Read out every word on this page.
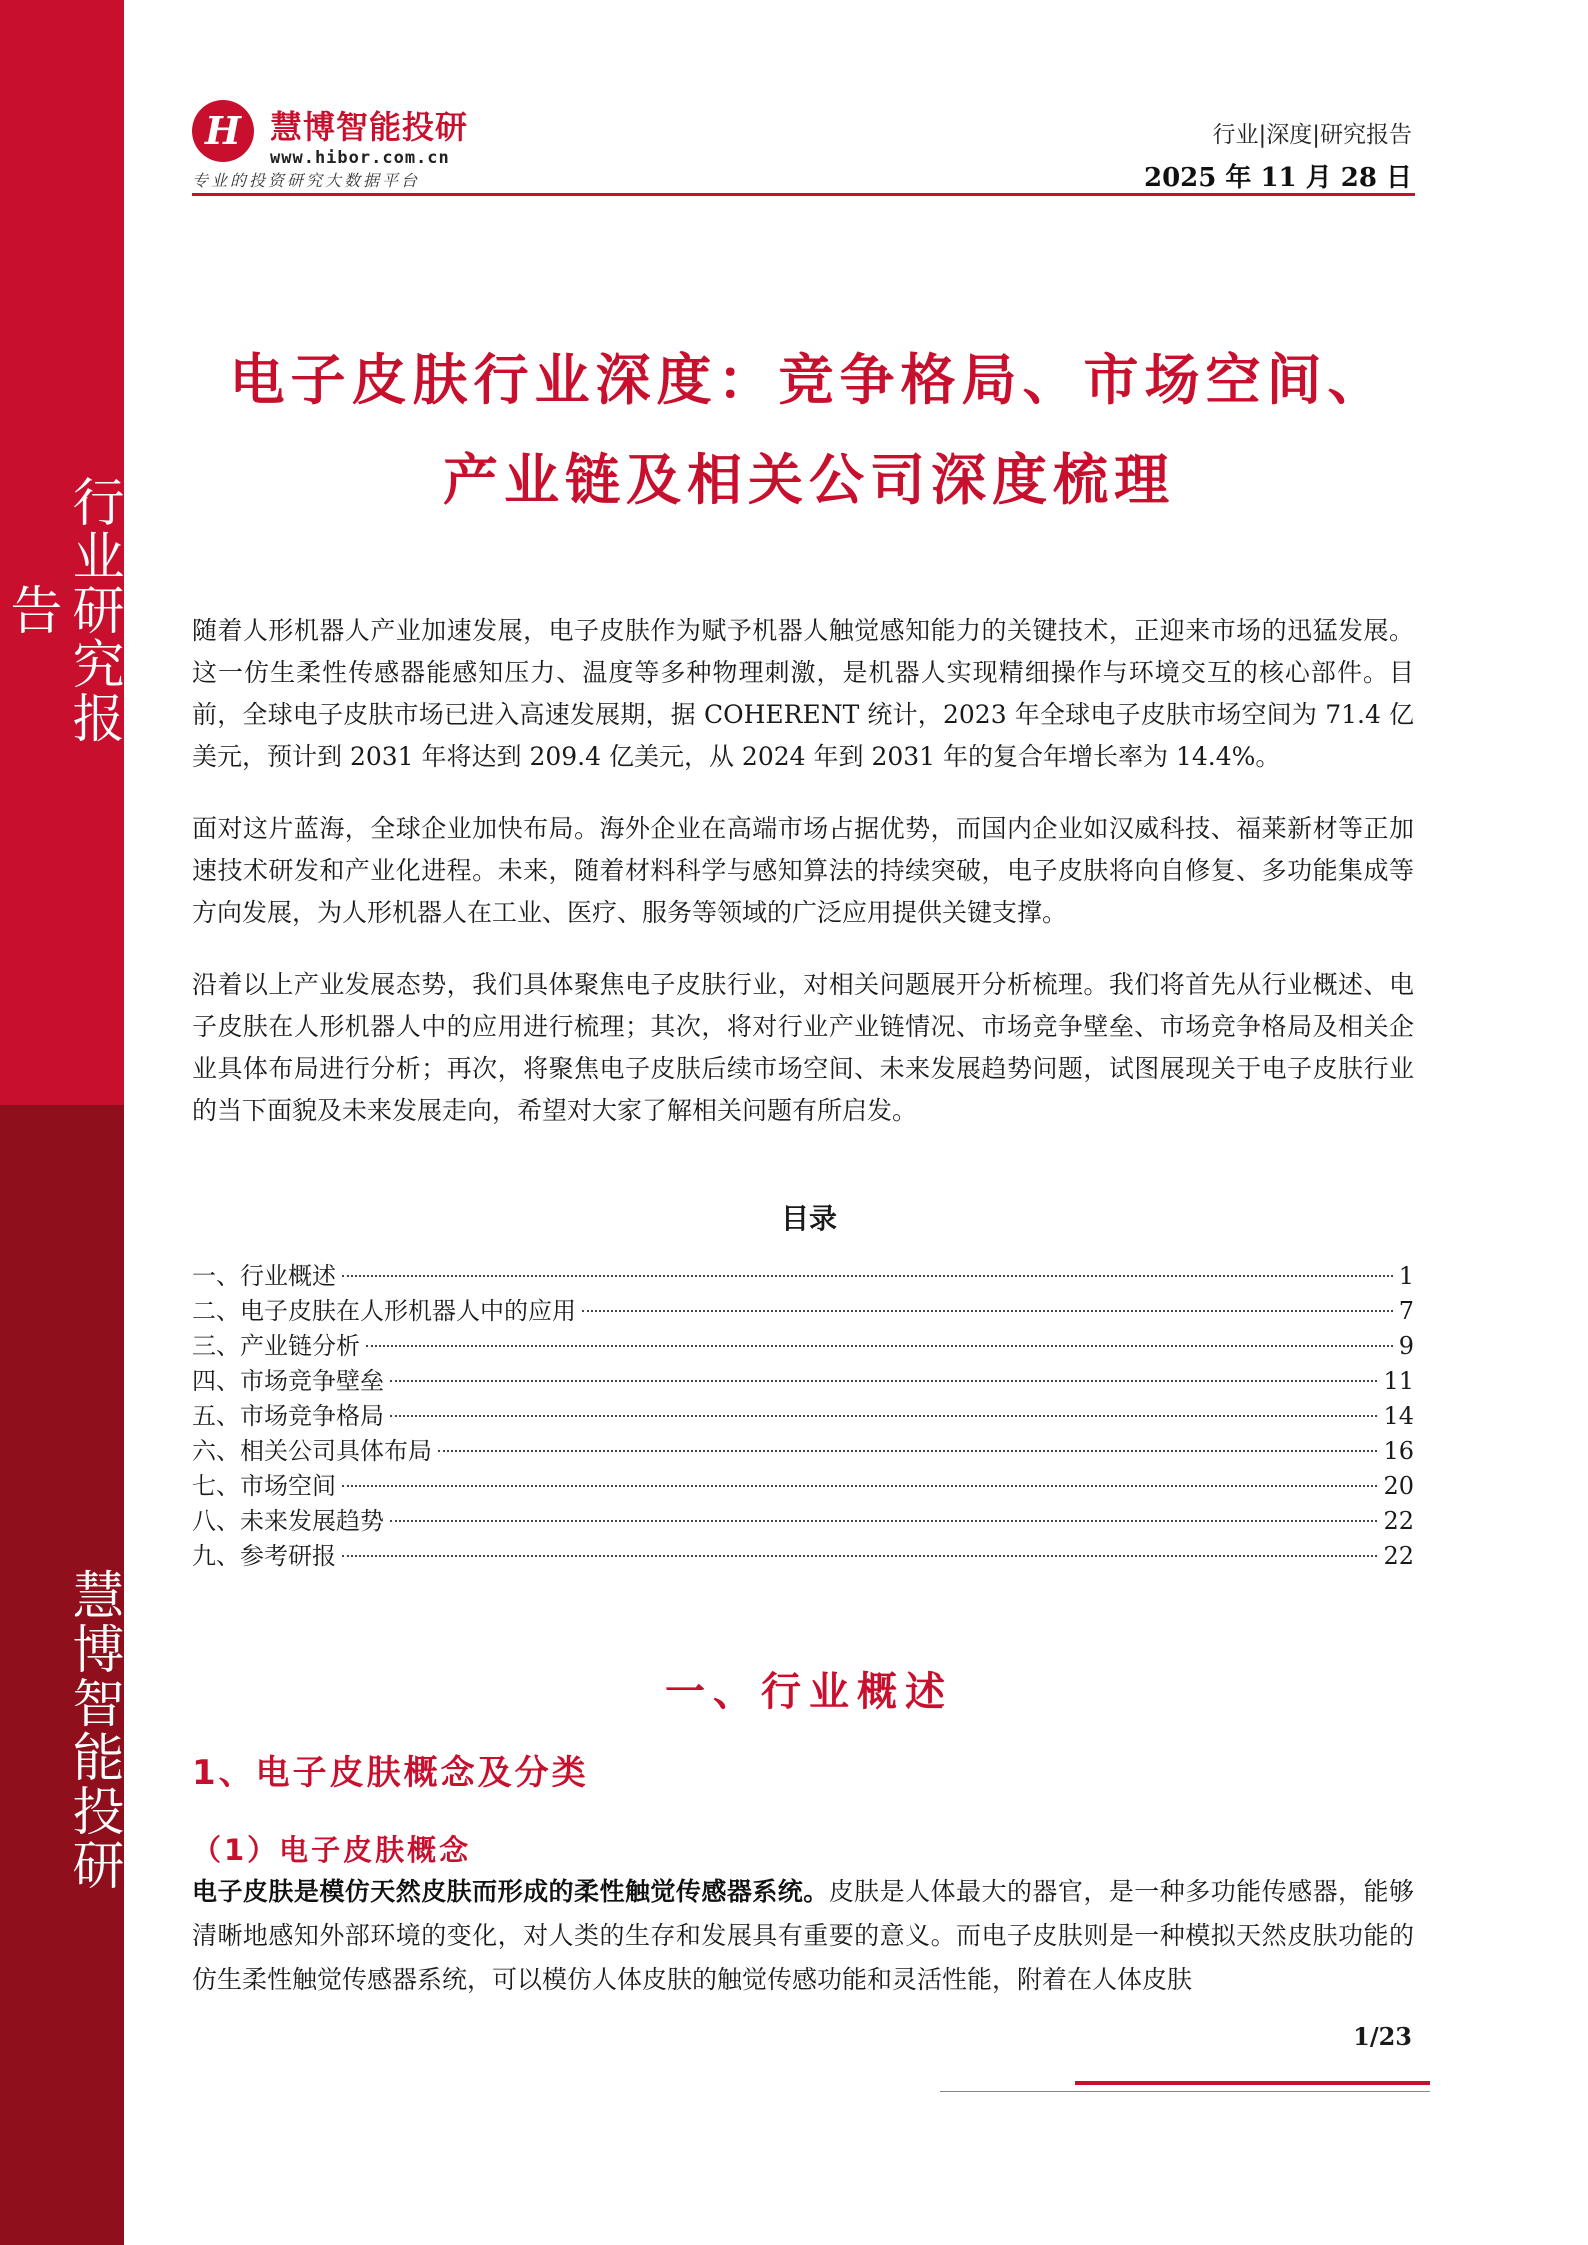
行业研究报告
慧博智能投研
H 慧博智能投研
www.hibor.com.cn
专业的投资研究大数据平台
行业|深度|研究报告
2025 年 11 月 28 日
电子皮肤行业深度：竞争格局、市场空间、
产业链及相关公司深度梳理

随着人形机器人产业加速发展，电子皮肤作为赋予机器人触觉感知能力的关键技术，正迎来市场的迅猛发展。这一仿生柔性传感器能感知压力、温度等多种物理刺激，是机器人实现精细操作与环境交互的核心部件。目前，全球电子皮肤市场已进入高速发展期，据 COHERENT 统计，2023 年全球电子皮肤市场空间为 71.4 亿美元，预计到 2031 年将达到 209.4 亿美元，从 2024 年到 2031 年的复合年增长率为 14.4%。

面对这片蓝海，全球企业加快布局。海外企业在高端市场占据优势，而国内企业如汉威科技、福莱新材等正加速技术研发和产业化进程。未来，随着材料科学与感知算法的持续突破，电子皮肤将向自修复、多功能集成等方向发展，为人形机器人在工业、医疗、服务等领域的广泛应用提供关键支撑。

沿着以上产业发展态势，我们具体聚焦电子皮肤行业，对相关问题展开分析梳理。我们将首先从行业概述、电子皮肤在人形机器人中的应用进行梳理；其次，将对行业产业链情况、市场竞争壁垒、市场竞争格局及相关企业具体布局进行分析；再次，将聚焦电子皮肤后续市场空间、未来发展趋势问题，试图展现关于电子皮肤行业的当下面貌及未来发展走向，希望对大家了解相关问题有所启发。

目录
一、行业概述	1
二、电子皮肤在人形机器人中的应用	7
三、产业链分析	9
四、市场竞争壁垒	11
五、市场竞争格局	14
六、相关公司具体布局	16
七、市场空间	20
八、未来发展趋势	22
九、参考研报	22
一、行业概述
1、电子皮肤概念及分类
（1）电子皮肤概念

电子皮肤是模仿天然皮肤而形成的柔性触觉传感器系统。皮肤是人体最大的器官，是一种多功能传感器，能够清晰地感知外部环境的变化，对人类的生存和发展具有重要的意义。而电子皮肤则是一种模拟天然皮肤功能的仿生柔性触觉传感器系统，可以模仿人体皮肤的触觉传感功能和灵活性能，附着在人体皮肤

1/23
